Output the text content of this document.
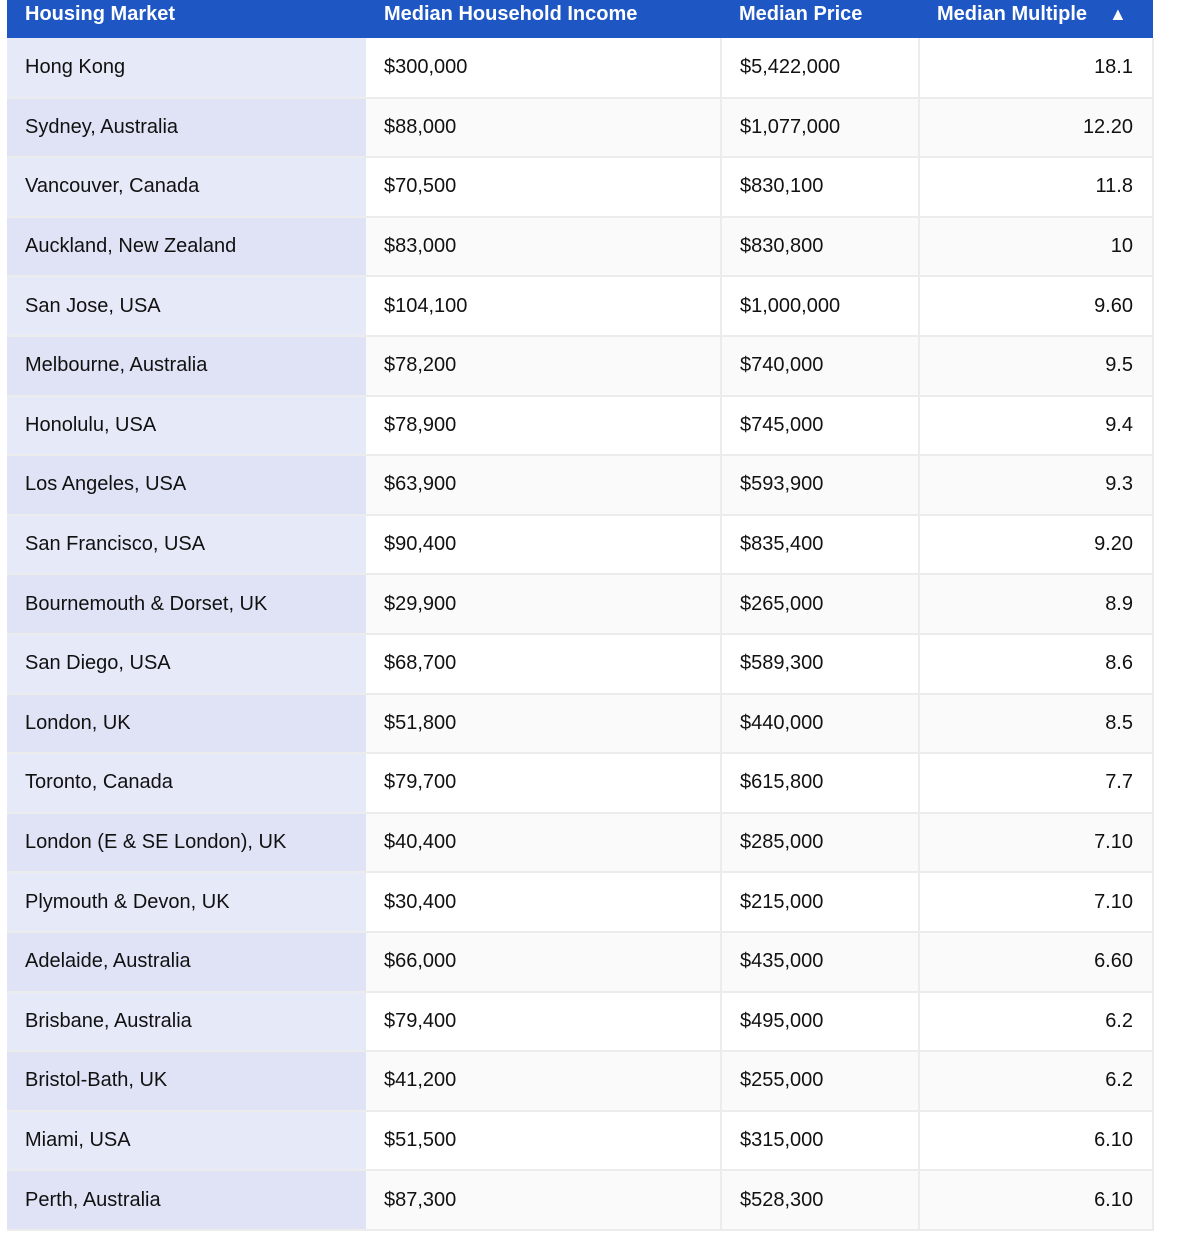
Housing Market	Median Household Income	Median Price	Median Multiple ▲
Hong Kong	$300,000	$5,422,000	18.1
Sydney, Australia	$88,000	$1,077,000	12.20
Vancouver, Canada	$70,500	$830,100	11.8
Auckland, New Zealand	$83,000	$830,800	10
San Jose, USA	$104,100	$1,000,000	9.60
Melbourne, Australia	$78,200	$740,000	9.5
Honolulu, USA	$78,900	$745,000	9.4
Los Angeles, USA	$63,900	$593,900	9.3
San Francisco, USA	$90,400	$835,400	9.20
Bournemouth & Dorset, UK	$29,900	$265,000	8.9
San Diego, USA	$68,700	$589,300	8.6
London, UK	$51,800	$440,000	8.5
Toronto, Canada	$79,700	$615,800	7.7
London (E & SE London), UK	$40,400	$285,000	7.10
Plymouth & Devon, UK	$30,400	$215,000	7.10
Adelaide, Australia	$66,000	$435,000	6.60
Brisbane, Australia	$79,400	$495,000	6.2
Bristol-Bath, UK	$41,200	$255,000	6.2
Miami, USA	$51,500	$315,000	6.10
Perth, Australia	$87,300	$528,300	6.10
